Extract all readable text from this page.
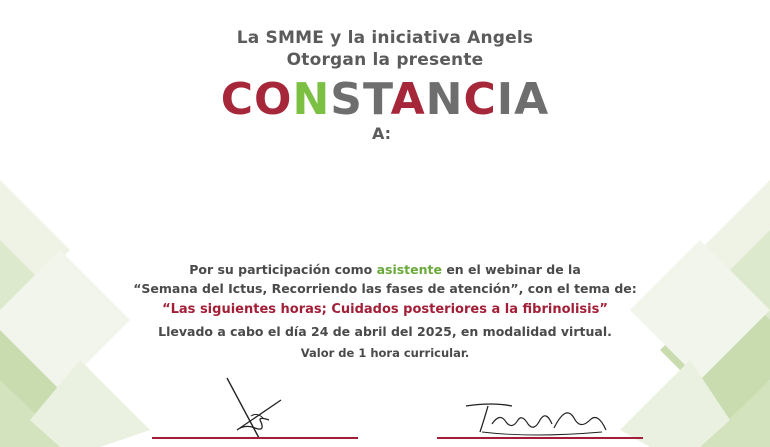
La SMME y la iniciativa Angels
Otorgan la presente
CONSTANCIA
A:
Por su participación como asistente en el webinar de la
“Semana del Ictus, Recorriendo las fases de atención”, con el tema de:
“Las siguientes horas; Cuidados posteriores a la fibrinolisis”
Llevado a cabo el día 24 de abril del 2025, en modalidad virtual.
Valor de 1 hora curricular.
